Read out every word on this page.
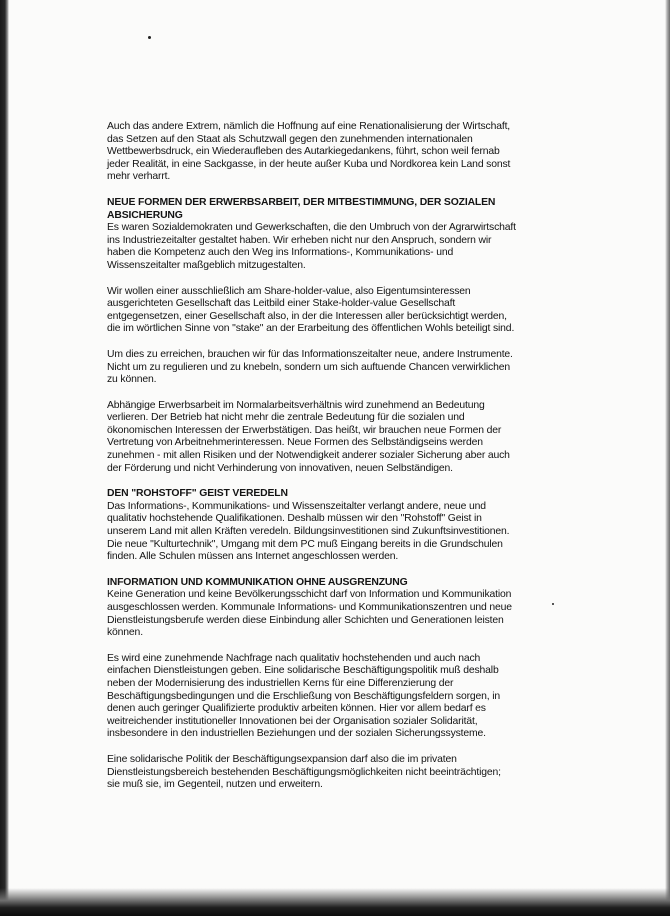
Auch das andere Extrem, nämlich die Hoffnung auf eine Renationalisierung der Wirtschaft,
das Setzen auf den Staat als Schutzwall gegen den zunehmenden internationalen
Wettbewerbsdruck, ein Wiederaufleben des Autarkiegedankens, führt, schon weil fernab
jeder Realität, in eine Sackgasse, in der heute außer Kuba und Nordkorea kein Land sonst
mehr verharrt.
NEUE FORMEN DER ERWERBSARBEIT, DER MITBESTIMMUNG, DER SOZIALEN
ABSICHERUNG
Es waren Sozialdemokraten und Gewerkschaften, die den Umbruch von der Agrarwirtschaft
ins Industriezeitalter gestaltet haben. Wir erheben nicht nur den Anspruch, sondern wir
haben die Kompetenz auch den Weg ins Informations-, Kommunikations- und
Wissenszeitalter maßgeblich mitzugestalten.
Wir wollen einer ausschließlich am Share-holder-value, also Eigentumsinteressen
ausgerichteten Gesellschaft das Leitbild einer Stake-holder-value Gesellschaft
entgegensetzen, einer Gesellschaft also, in der die Interessen aller berücksichtigt werden,
die im wörtlichen Sinne von "stake" an der Erarbeitung des öffentlichen Wohls beteiligt sind.
Um dies zu erreichen, brauchen wir für das Informationszeitalter neue, andere Instrumente.
Nicht um zu regulieren und zu knebeln, sondern um sich auftuende Chancen verwirklichen
zu können.
Abhängige Erwerbsarbeit im Normalarbeitsverhältnis wird zunehmend an Bedeutung
verlieren. Der Betrieb hat nicht mehr die zentrale Bedeutung für die sozialen und
ökonomischen Interessen der Erwerbstätigen. Das heißt, wir brauchen neue Formen der
Vertretung von Arbeitnehmerinteressen. Neue Formen des Selbständigseins werden
zunehmen - mit allen Risiken und der Notwendigkeit anderer sozialer Sicherung aber auch
der Förderung und nicht Verhinderung von innovativen, neuen Selbständigen.
DEN "ROHSTOFF" GEIST VEREDELN
Das Informations-, Kommunikations- und Wissenszeitalter verlangt andere, neue und
qualitativ hochstehende Qualifikationen. Deshalb müssen wir den "Rohstoff" Geist in
unserem Land mit allen Kräften veredeln. Bildungsinvestitionen sind Zukunftsinvestitionen.
Die neue "Kulturtechnik", Umgang mit dem PC muß Eingang bereits in die Grundschulen
finden. Alle Schulen müssen ans Internet angeschlossen werden.
INFORMATION UND KOMMUNIKATION OHNE AUSGRENZUNG
Keine Generation und keine Bevölkerungsschicht darf von Information und Kommunikation
ausgeschlossen werden. Kommunale Informations- und Kommunikationszentren und neue
Dienstleistungsberufe werden diese Einbindung aller Schichten und Generationen leisten
können.
Es wird eine zunehmende Nachfrage nach qualitativ hochstehenden und auch nach
einfachen Dienstleistungen geben. Eine solidarische Beschäftigungspolitik muß deshalb
neben der Modernisierung des industriellen Kerns für eine Differenzierung der
Beschäftigungsbedingungen und die Erschließung von Beschäftigungsfeldern sorgen, in
denen auch geringer Qualifizierte produktiv arbeiten können. Hier vor allem bedarf es
weitreichender institutioneller Innovationen bei der Organisation sozialer Solidarität,
insbesondere in den industriellen Beziehungen und der sozialen Sicherungssysteme.
Eine solidarische Politik der Beschäftigungsexpansion darf also die im privaten
Dienstleistungsbereich bestehenden Beschäftigungsmöglichkeiten nicht beeinträchtigen;
sie muß sie, im Gegenteil, nutzen und erweitern.
